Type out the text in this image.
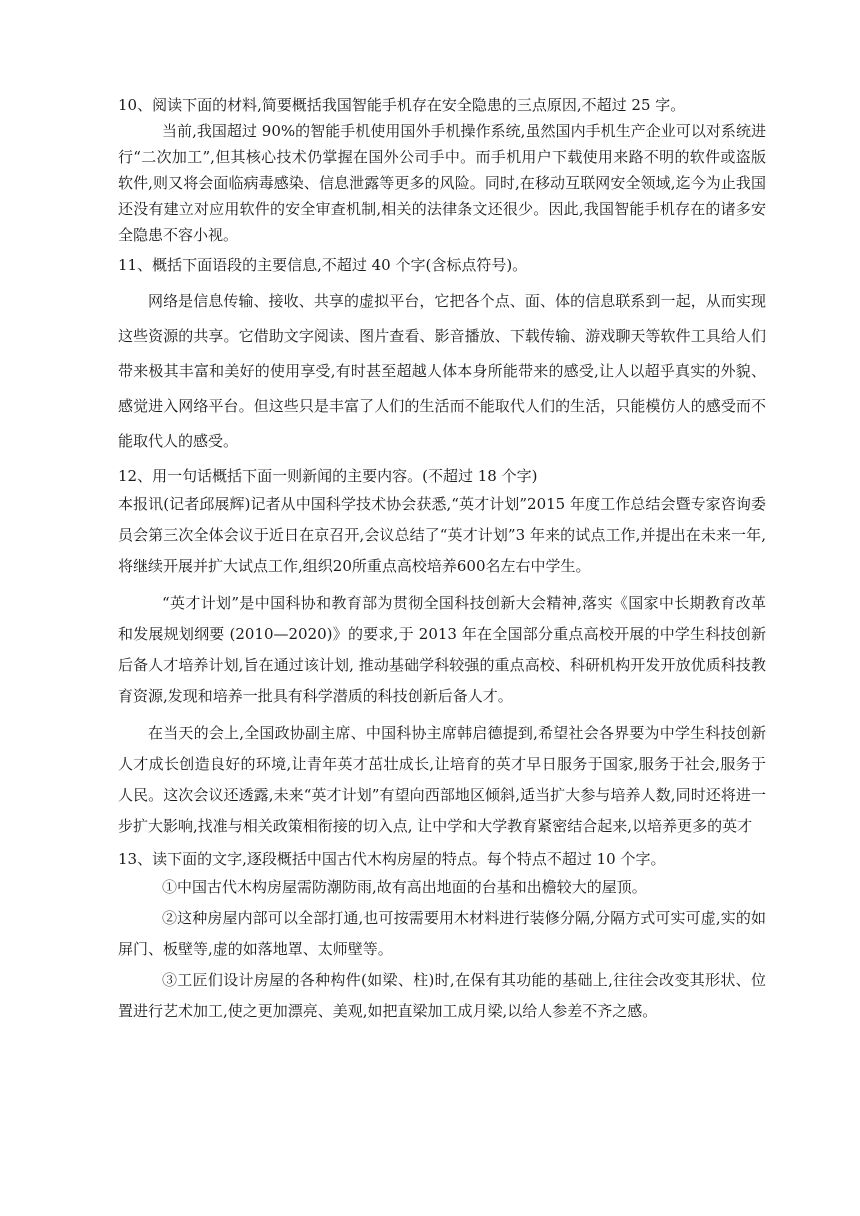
10、阅读下面的材料,简要概括我国智能手机存在安全隐患的三点原因,不超过 25 字。

当前,我国超过 90%的智能手机使用国外手机操作系统,虽然国内手机生产企业可以对系统进行“二次加工”,但其核心技术仍掌握在国外公司手中。而手机用户下载使用来路不明的软件或盗版软件,则又将会面临病毒感染、信息泄露等更多的风险。同时,在移动互联网安全领域,迄今为止我国还没有建立对应用软件的安全审查机制,相关的法律条文还很少。因此,我国智能手机存在的诸多安全隐患不容小视。

11、概括下面语段的主要信息,不超过 40 个字(含标点符号)。

网络是信息传输、接收、共享的虚拟平台，它把各个点、面、体的信息联系到一起，从而实现这些资源的共享。它借助文字阅读、图片查看、影音播放、下载传输、游戏聊天等软件工具给人们带来极其丰富和美好的使用享受,有时甚至超越人体本身所能带来的感受,让人以超乎真实的外貌、感觉进入网络平台。但这些只是丰富了人们的生活而不能取代人们的生活，只能模仿人的感受而不能取代人的感受。

12、用一句话概括下面一则新闻的主要内容。(不超过 18 个字)

本报讯(记者邱展辉)记者从中国科学技术协会获悉,“英才计划”2015 年度工作总结会暨专家咨询委员会第三次全体会议于近日在京召开,会议总结了“英才计划”3 年来的试点工作,并提出在未来一年,将继续开展并扩大试点工作,组织20所重点高校培养600名左右中学生。

“英才计划”是中国科协和教育部为贯彻全国科技创新大会精神,落实《国家中长期教育改革和发展规划纲要 (2010—2020)》的要求,于 2013 年在全国部分重点高校开展的中学生科技创新后备人才培养计划,旨在通过该计划, 推动基础学科较强的重点高校、科研机构开发开放优质科技教育资源,发现和培养一批具有科学潜质的科技创新后备人才。

在当天的会上,全国政协副主席、中国科协主席韩启德提到,希望社会各界要为中学生科技创新人才成长创造良好的环境,让青年英才茁壮成长,让培育的英才早日服务于国家,服务于社会,服务于人民。这次会议还透露,未来“英才计划”有望向西部地区倾斜,适当扩大参与培养人数,同时还将进一步扩大影响,找准与相关政策相衔接的切入点, 让中学和大学教育紧密结合起来,以培养更多的英才

13、读下面的文字,逐段概括中国古代木构房屋的特点。每个特点不超过 10 个字。

①中国古代木构房屋需防潮防雨,故有高出地面的台基和出檐较大的屋顶。

②这种房屋内部可以全部打通,也可按需要用木材料进行装修分隔,分隔方式可实可虚,实的如屏门、板壁等,虚的如落地罩、太师壁等。

③工匠们设计房屋的各种构件(如梁、柱)时,在保有其功能的基础上,往往会改变其形状、位置进行艺术加工,使之更加漂亮、美观,如把直梁加工成月梁,以给人参差不齐之感。
